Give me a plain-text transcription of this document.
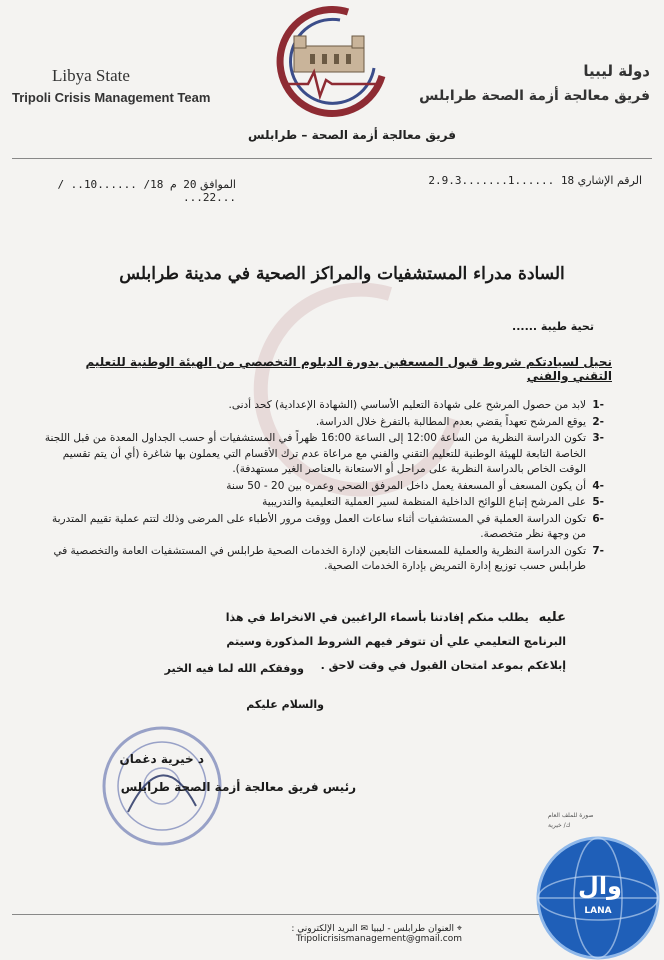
Libya State
Tripoli Crisis Management Team
دولة ليبيا
فريق معالجة أزمة الصحة طرابلس
فريق معالجة أزمة الصحة – طرابلس
الرقم الإشاري 18 ......1.......2.9.3
الموافق 20 م 18/ ......10.. / ...22...
السادة مدراء المستشفيات والمراكز الصحية في مدينة طرابلس
تحية طيبة ......
نحيل لسيادتكم شروط قبول المسعفين بدورة الدبلوم التخصصي من الهيئة الوطنية للتعليم التقني والفني
-1
لابد من حصول المرشح على شهادة التعليم الأساسي (الشهادة الإعدادية) كحد أدنى.
-2
يوقع المرشح تعهداً يقضي بعدم المطالبة بالتفرغ خلال الدراسة.
-3
تكون الدراسة النظرية من الساعة 12:00 إلى الساعة 16:00 ظهراً في المستشفيات أو حسب الجداول المعدة من قبل اللجنة الخاصة التابعة للهيئة الوطنية للتعليم التقني والفني مع مراعاة عدم ترك الأقسام التي يعملون بها شاغرة (أي أن يتم تقسيم الوقت الخاص بالدراسة النظرية على مراحل أو الاستعانة بالعناصر الغير مستهدفة).
-4
أن يكون المسعف أو المسعفة يعمل داخل المرفق الصحي وعمره بين 20 - 50 سنة
-5
على المرشح إتباع اللوائح الداخلية المنظمة لسير العملية التعليمية والتدريبية
-6
تكون الدراسة العملية في المستشفيات أثناء ساعات العمل ووقت مرور الأطباء على المرضى وذلك لتتم عملية تقييم المتدربة من وجهة نظر متخصصة.
-7
تكون الدراسة النظرية والعملية للمسعفات التابعين لإدارة الخدمات الصحية طرابلس في المستشفيات العامة والتخصصية في طرابلس حسب توزيع إدارة التمريض بإدارة الخدمات الصحية.
عليه يطلب منكم إفادتنا بأسماء الراغبين في الانخراط في هذا البرنامج التعليمي علي أن تتوفر فيهم الشروط المذكورة وسيتم إبلاغكم بموعد امتحان القبول في وقت لاحق .
ووفقكم الله لما فيه الخير
والسلام عليكم
د خيرية دغمان
رئيس فريق معالجة أزمة الصحة طرابلس
صورة للملف العام
ك/ خيرية
⌖ العنوان طرابلس - ليبيا ✉ البريد الإلكتروني : Tripolicrisismanagement@gmail.com
وال
LANA
